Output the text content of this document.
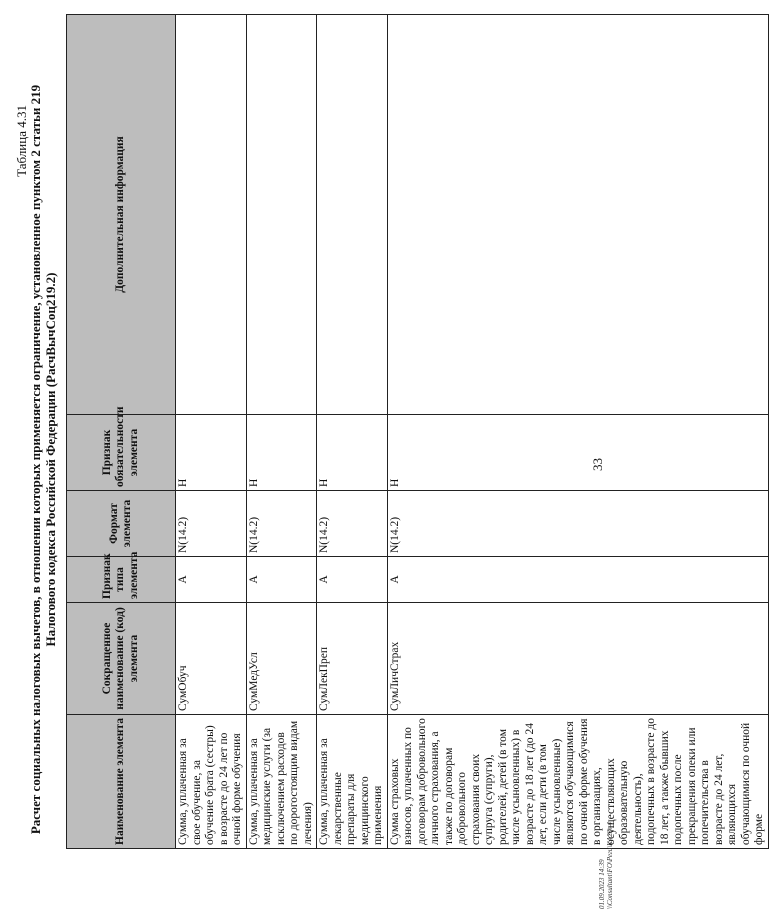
33
Таблица 4.31 Расчет социальных налоговых вычетов, в отношении которых применяется ограничение, установленное пунктом 2 статьи 219 Налогового кодекса Российской Федерации (РасчВычСоц219.2)
Наименование элемента	Сокращенное наименование (код) элемента	Признак типа элемента	Формат элемента	Признак обязательности элемента	Дополнительная информация
Сумма, уплаченная за свое обучение, за обучение брата (сестры) в возрасте до 24 лет по очной форме обучения	СумОбуч	А	N(14.2)	Н	
Сумма, уплаченная за медицинские услуги (за исключением расходов по дорогостоящим видам лечения)	СумМедУсл	А	N(14.2)	Н	
Сумма, уплаченная за лекарственные препараты для медицинского применения	СумЛекПреп	А	N(14.2)	Н	
Сумма страховых взносов, уплаченных по договорам добровольного личного страхования, а также по договорам добровольного страхования своих супруга (супруги), родителей, детей (в том числе усыновленных) в возрасте до 18 лет (до 24 лет, если дети (в том числе усыновленные) являются обучающимися по очной форме обучения в организациях, осуществляющих образовательную деятельность), подопечных в возрасте до 18 лет, а также бывших подопечных после прекращения опеки или попечительства в возрасте до 24 лет, являющихся обучающимися по очной форме	СумЛичСтрах	А	N(14.2)	Н	
01.09.2023 14:39 \\Consultant\FO\Реги\КА23\-4
